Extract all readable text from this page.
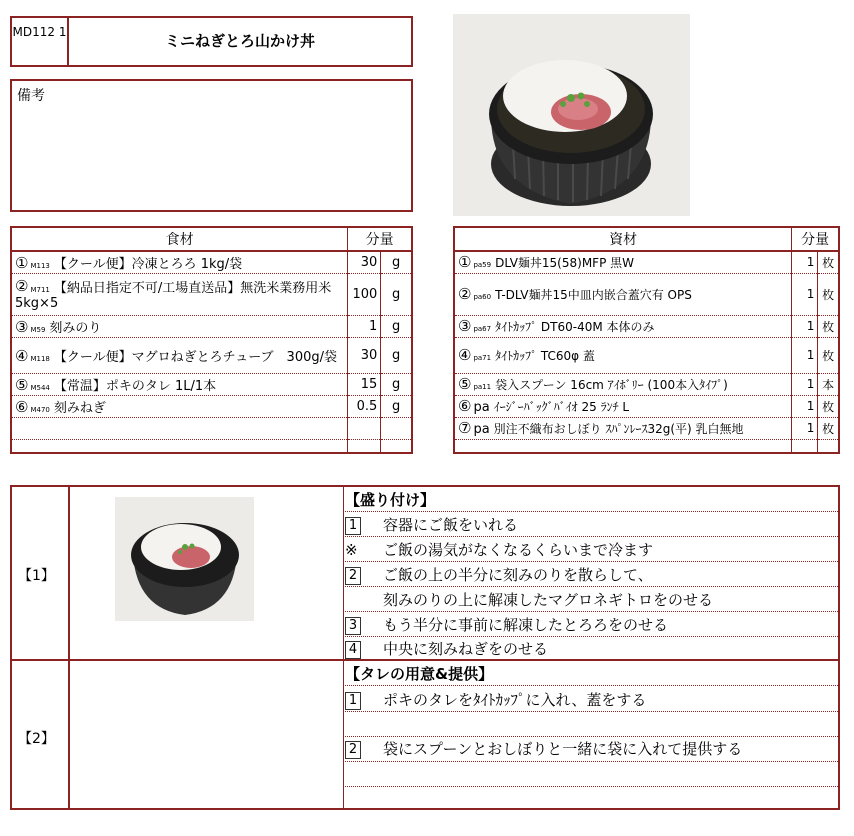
MD112 1	ミニねぎとろ山かけ丼
備考
食材	分量	
① M113 【クール便】冷凍とろろ 1kg/袋	30	g
② M711 【納品日指定不可/工場直送品】無洗米業務用米5kg×5	100	g
③ M59 刻みのり	1	g
④ M118 【クール便】マグロねぎとろチューブ　300g/袋	30	g
⑤ M544 【常温】ポキのタレ 1L/1本	15	g
⑥ M470 刻みねぎ	0.5	g

資材	分量	
① pa59 DLV麺丼15(58)MFP 黒W	1	枚
② pa60 T-DLV麺丼15中皿内嵌合蓋穴有 OPS	1	枚
③ pa67 ﾀｲﾄｶｯﾌﾟ DT60-40M 本体のみ	1	枚
④ pa71 ﾀｲﾄｶｯﾌﾟ TC60φ 蓋	1	枚
⑤ pa11 袋入スプーン 16cm ｱｲﾎﾞﾘｰ (100本入ﾀｲﾌﾟ)	1	本
⑥ pa ｲｰｼﾞｰﾊﾞｯｸﾞﾊﾞｲｵ 25 ﾗﾝﾁ L	1	枚
⑦ pa 別注不織布おしぼり ｽﾊﾟﾝﾚｰｽ32g(平) 乳白無地	1	枚

【1】
【盛り付け】
1 容器にご飯をいれる
※ ご飯の湯気がなくなるくらいまで冷ます
2 ご飯の上の半分に刻みのりを散らして、
刻みのりの上に解凍したマグロネギトロをのせる
3 もう半分に事前に解凍したとろろをのせる
4 中央に刻みねぎをのせる
【2】
【タレの用意&提供】
1 ポキのタレをﾀｲﾄｶｯﾌﾟに入れ、蓋をする
2 袋にスプーンとおしぼりと一緒に袋に入れて提供する
